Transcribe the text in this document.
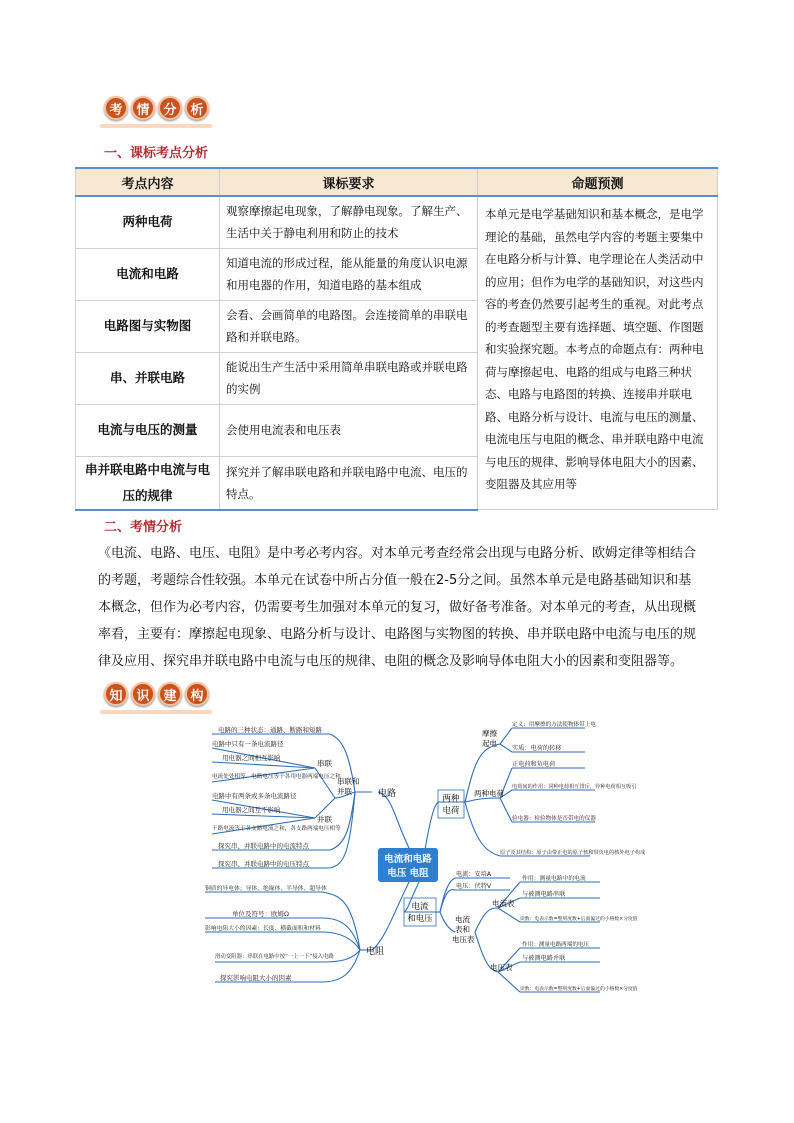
考	情	分	析
一、课标考点分析
考点内容	课标要求	命题预测
两种电荷	观察摩擦起电现象，了解静电现象。了解生产、生活中关于静电利用和防止的技术	本单元是电学基础知识和基本概念，是电学理论的基础，虽然电学内容的考题主要集中在电路分析与计算、电学理论在人类活动中的应用；但作为电学的基础知识，对这些内容的考查仍然要引起考生的重视。对此考点的考查题型主要有选择题、填空题、作图题和实验探究题。本考点的命题点有：两种电荷与摩擦起电、电路的组成与电路三种状态、电路与电路图的转换、连接串并联电路、电路分析与设计、电流与电压的测量、电流电压与电阻的概念、串并联电路中电流与电压的规律、影响导体电阻大小的因素、变阻器及其应用等
电流和电路	知道电流的形成过程，能从能量的角度认识电源和用电器的作用，知道电路的基本组成	
电路图与实物图	会看、会画简单的电路图。会连接简单的串联电路和并联电路。	
串、并联电路	能说出生产生活中采用简单串联电路或并联电路的实例	
电流与电压的测量	会使用电流表和电压表	
串并联电路中电流与电压的规律	探究并了解串联电路和并联电路中电流、电压的特点。	
二、考情分析
《电流、电路、电压、电阻》是中考必考内容。对本单元考查经常会出现与电路分析、欧姆定律等相结合的考题，考题综合性较强。本单元在试卷中所占分值一般在2-5分之间。虽然本单元是电路基础知识和基本概念，但作为必考内容，仍需要考生加强对本单元的复习，做好备考准备。对本单元的考查，从出现概率看，主要有：摩擦起电现象、电路分析与设计、电路图与实物图的转换、串并联电路中电流与电压的规律及应用、探究串并联电路中电流与电压的规律、电阻的概念及影响导体电阻大小的因素和变阻器等。
知	识	建	构
电流和电路
电压 电阻
电路
电阻
两种
电荷
电流
和电压
串联和
并联
串联
并联
摩擦
起电
两种电荷
电流
表和
电压表
电流表
电压表
电路的三种状态：通路、断路和短路
电路中只有一条电流路径
用电器之间相互影响
电流处处相等、电路电压等于各用电器两端电压之和
电路中有两条或多条电流路径
用电器之间互不影响
干路电流等于各支路电流之和，各支路两端电压相等
探究串、并联电路中的电流特点
探究串、并联电路中的电压特点
铜质的导电体；导体、绝缘体、半导体、超导体
单位及符号：欧姆Ω
影响电阻大小的因素：长度、横截面积和材料
滑动变阻器：串联在电路中按“一上一下”接入电路
探究影响电阻大小的因素
定义：用摩擦的方法使物体带上电
实质：电荷的转移
正电荷和负电荷
电荷间的作用：同种电荷相互排斥，异种电荷相互吸引
验电器：检验物体是否带电的仪器
原子及其结构：原子由带正电的原子核和带负电的核外电子构成
电流：安培A
电压：伏特V
作用：测量电路中的电流
与被测电路串联
读数：电表示数=整刻度数+后面偏过的小格数×分度值
作用：测量电路两端的电压
与被测电路并联
读数：电表示数=整刻度数+后面偏过的小格数×分度值
